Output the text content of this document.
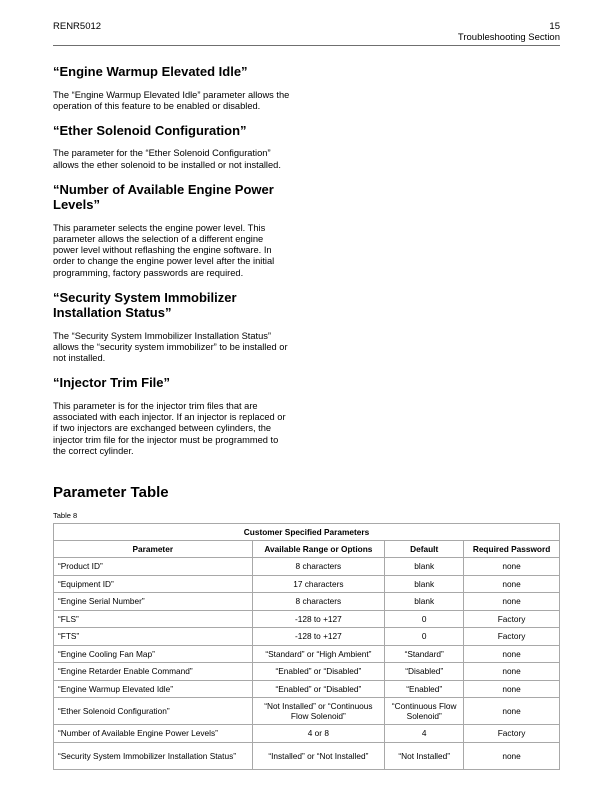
RENR5012	15
Troubleshooting Section
“Engine Warmup Elevated Idle”

The “Engine Warmup Elevated Idle” parameter allows the operation of this feature to be enabled or disabled.

“Ether Solenoid Configuration”

The parameter for the “Ether Solenoid Configuration” allows the ether solenoid to be installed or not installed.

“Number of Available Engine Power Levels”

This parameter selects the engine power level. This parameter allows the selection of a different engine power level without reflashing the engine software. In order to change the engine power level after the initial programming, factory passwords are required.

“Security System Immobilizer Installation Status”

The “Security System Immobilizer Installation Status” allows the “security system immobilizer” to be installed or not installed.

“Injector Trim File”

This parameter is for the injector trim files that are associated with each injector. If an injector is replaced or if two injectors are exchanged between cylinders, the injector trim file for the injector must be programmed to the correct cylinder.

Parameter Table
Table 8
Customer Specified Parameters			
Parameter	Available Range or Options	Default	Required Password
“Product ID”	8 characters	blank	none
“Equipment ID”	17 characters	blank	none
“Engine Serial Number”	8 characters	blank	none
“FLS”	-128 to +127	0	Factory
“FTS”	-128 to +127	0	Factory
“Engine Cooling Fan Map”	“Standard” or “High Ambient”	“Standard”	none
“Engine Retarder Enable Command”	“Enabled” or “Disabled”	“Disabled”	none
“Engine Warmup Elevated Idle”	“Enabled” or “Disabled”	“Enabled”	none
“Ether Solenoid Configuration”	“Not Installed” or “Continuous Flow Solenoid”	“Continuous Flow Solenoid”	none
“Number of Available Engine Power Levels”	4 or 8	4	Factory
“Security System Immobilizer Installation Status”	“Installed” or “Not Installed”	“Not Installed”	none
